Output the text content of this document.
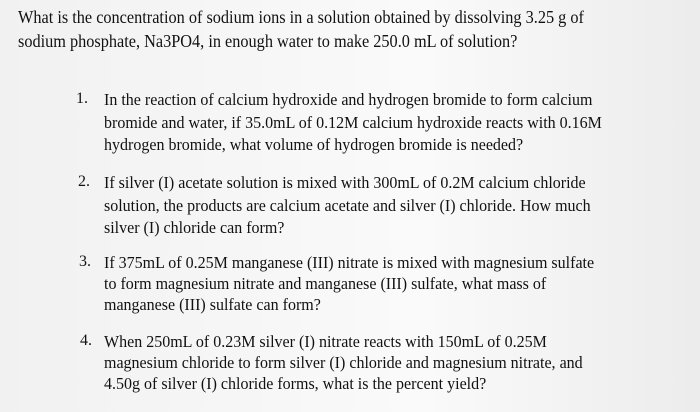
What is the concentration of sodium ions in a solution obtained by dissolving 3.25 g of
sodium phosphate, Na3PO4, in enough water to make 250.0 mL of solution?
1. In the reaction of calcium hydroxide and hydrogen bromide to form calcium
bromide and water, if 35.0mL of 0.12M calcium hydroxide reacts with 0.16M
hydrogen bromide, what volume of hydrogen bromide is needed?
2. If silver (I) acetate solution is mixed with 300mL of 0.2M calcium chloride
solution, the products are calcium acetate and silver (I) chloride. How much
silver (I) chloride can form?
3. If 375mL of 0.25M manganese (III) nitrate is mixed with magnesium sulfate
to form magnesium nitrate and manganese (III) sulfate, what mass of
manganese (III) sulfate can form?
4. When 250mL of 0.23M silver (I) nitrate reacts with 150mL of 0.25M
magnesium chloride to form silver (I) chloride and magnesium nitrate, and
4.50g of silver (I) chloride forms, what is the percent yield?
